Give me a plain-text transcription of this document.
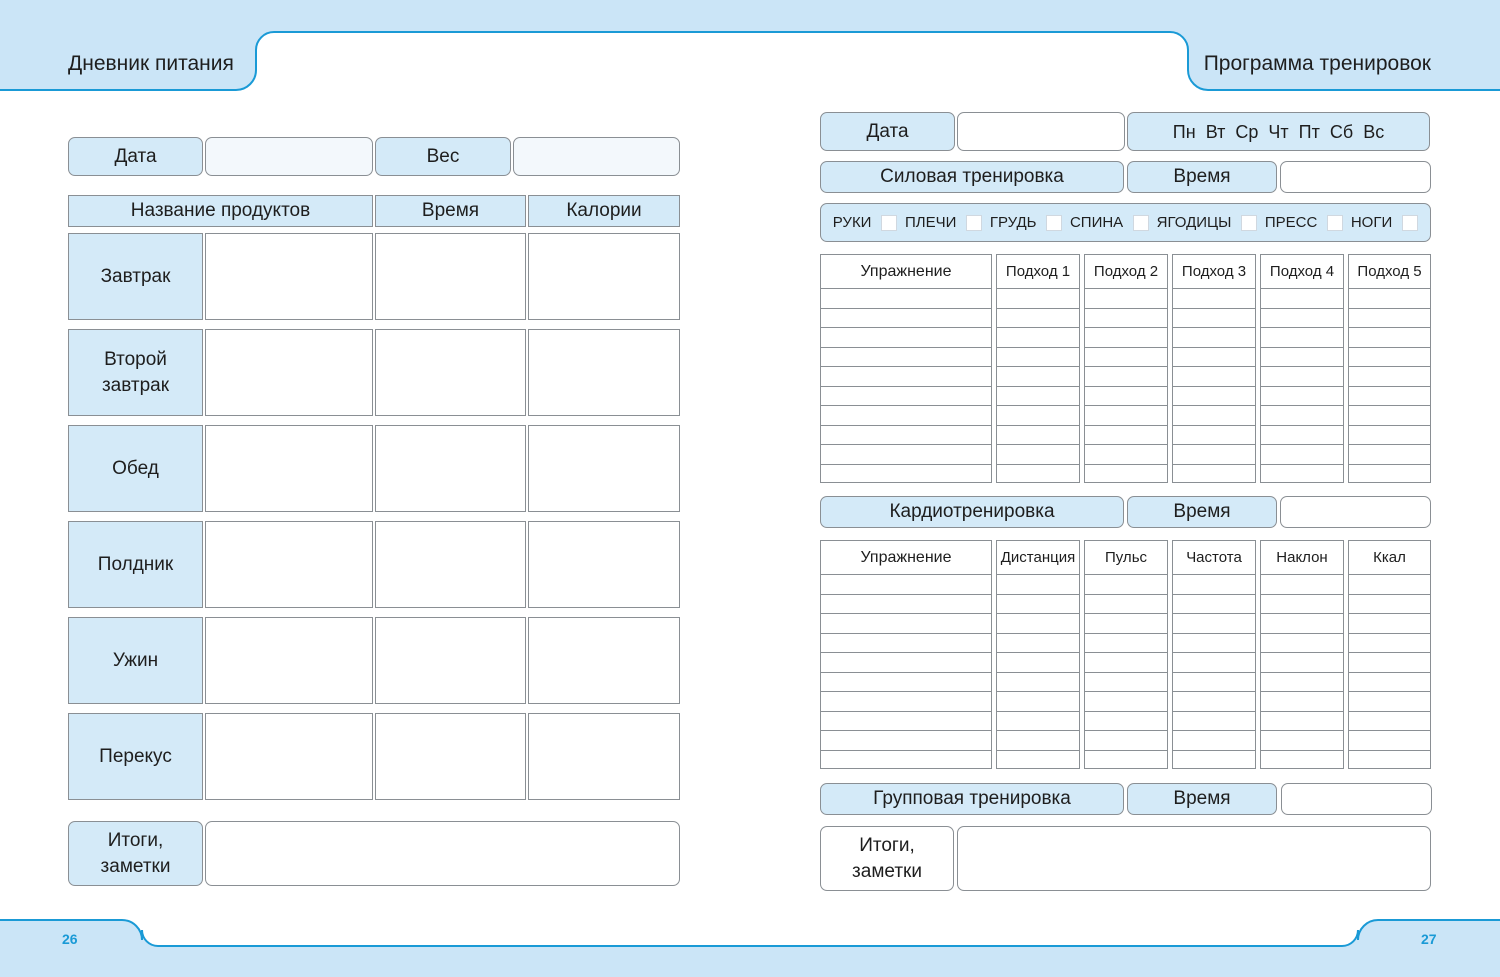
Дневник питания	Программа тренировок
26	27
Дата	Вес
Название продуктов	Время	Калории
Завтрак
Второй завтрак
Обед
Полдник
Ужин
Перекус
Итоги, заметки
Дата	Пн
Вт
Ср
Чт
Пт
Сб
Вс
Силовая тренировка	Время
РУКИ ПЛЕЧИ ГРУДЬ СПИНА ЯГОДИЦЫ ПРЕСС НОГИ
Упражнение	Подход 1	Подход 2	Подход 3	Подход 4	Подход 5
Кардиотренировка	Время
Упражнение	Дистанция	Пульс	Частота	Наклон	Ккал
Групповая тренировка	Время
Итоги, заметки
